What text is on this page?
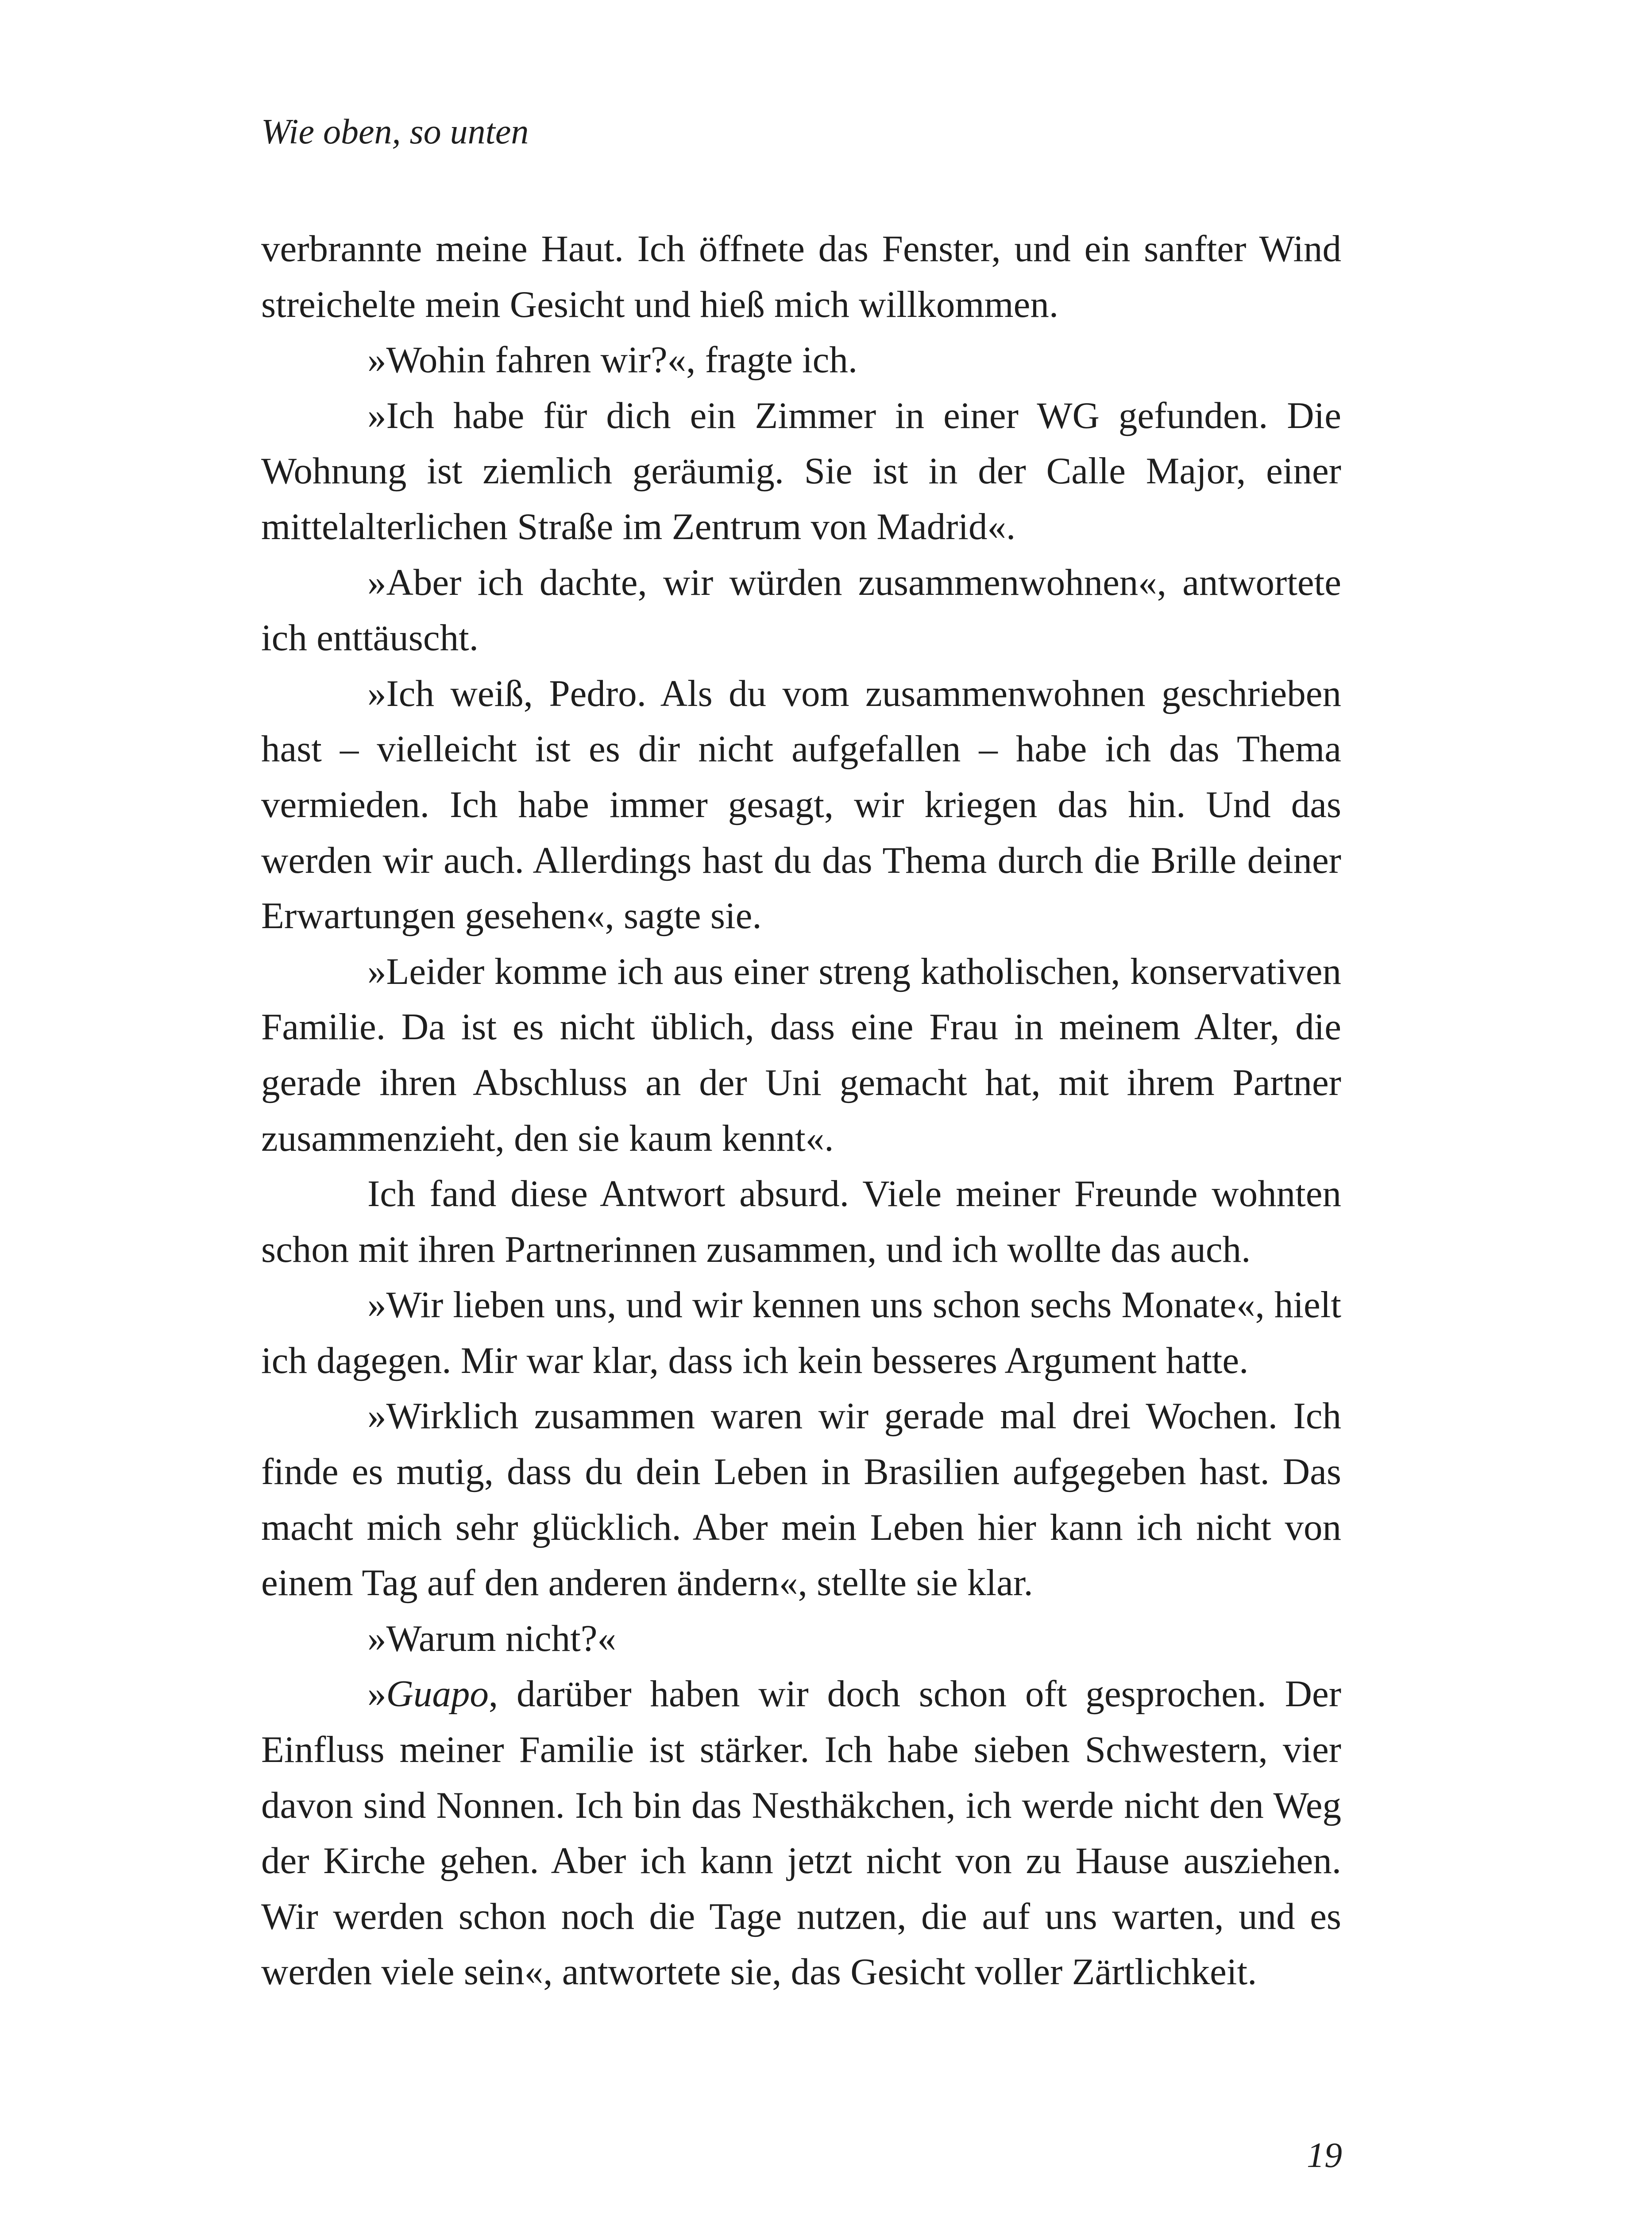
Wie oben, so unten

verbrannte meine Haut. Ich öffnete das Fenster, und ein sanfter Wind streichelte mein Gesicht und hieß mich willkommen.

»Wohin fahren wir?«, fragte ich.

»Ich habe für dich ein Zimmer in einer WG gefunden. Die Wohnung ist ziemlich geräumig. Sie ist in der Calle Major, einer mittelalterlichen Straße im Zentrum von Madrid«.

»Aber ich dachte, wir würden zusammenwohnen«, antwortete ich enttäuscht.

»Ich weiß, Pedro. Als du vom zusammenwohnen geschrieben hast – vielleicht ist es dir nicht aufgefallen – habe ich das Thema vermieden. Ich habe immer gesagt, wir kriegen das hin. Und das werden wir auch. Allerdings hast du das Thema durch die Brille deiner Erwartungen gesehen«, sagte sie.

»Leider komme ich aus einer streng katholischen, konservativen Familie. Da ist es nicht üblich, dass eine Frau in meinem Alter, die gerade ihren Abschluss an der Uni gemacht hat, mit ihrem Partner zusammenzieht, den sie kaum kennt«.

Ich fand diese Antwort absurd. Viele meiner Freunde wohnten schon mit ihren Partnerinnen zusammen, und ich wollte das auch.

»Wir lieben uns, und wir kennen uns schon sechs Monate«, hielt ich dagegen. Mir war klar, dass ich kein besseres Argument hatte.

»Wirklich zusammen waren wir gerade mal drei Wochen. Ich finde es mutig, dass du dein Leben in Brasilien aufgegeben hast. Das macht mich sehr glücklich. Aber mein Leben hier kann ich nicht von einem Tag auf den anderen ändern«, stellte sie klar.

»Warum nicht?«

»Guapo, darüber haben wir doch schon oft gesprochen. Der Einfluss meiner Familie ist stärker. Ich habe sieben Schwestern, vier davon sind Nonnen. Ich bin das Nesthäkchen, ich werde nicht den Weg der Kirche gehen. Aber ich kann jetzt nicht von zu Hause ausziehen. Wir werden schon noch die Tage nutzen, die auf uns warten, und es werden viele sein«, antwortete sie, das Gesicht voller Zärtlichkeit.

19
